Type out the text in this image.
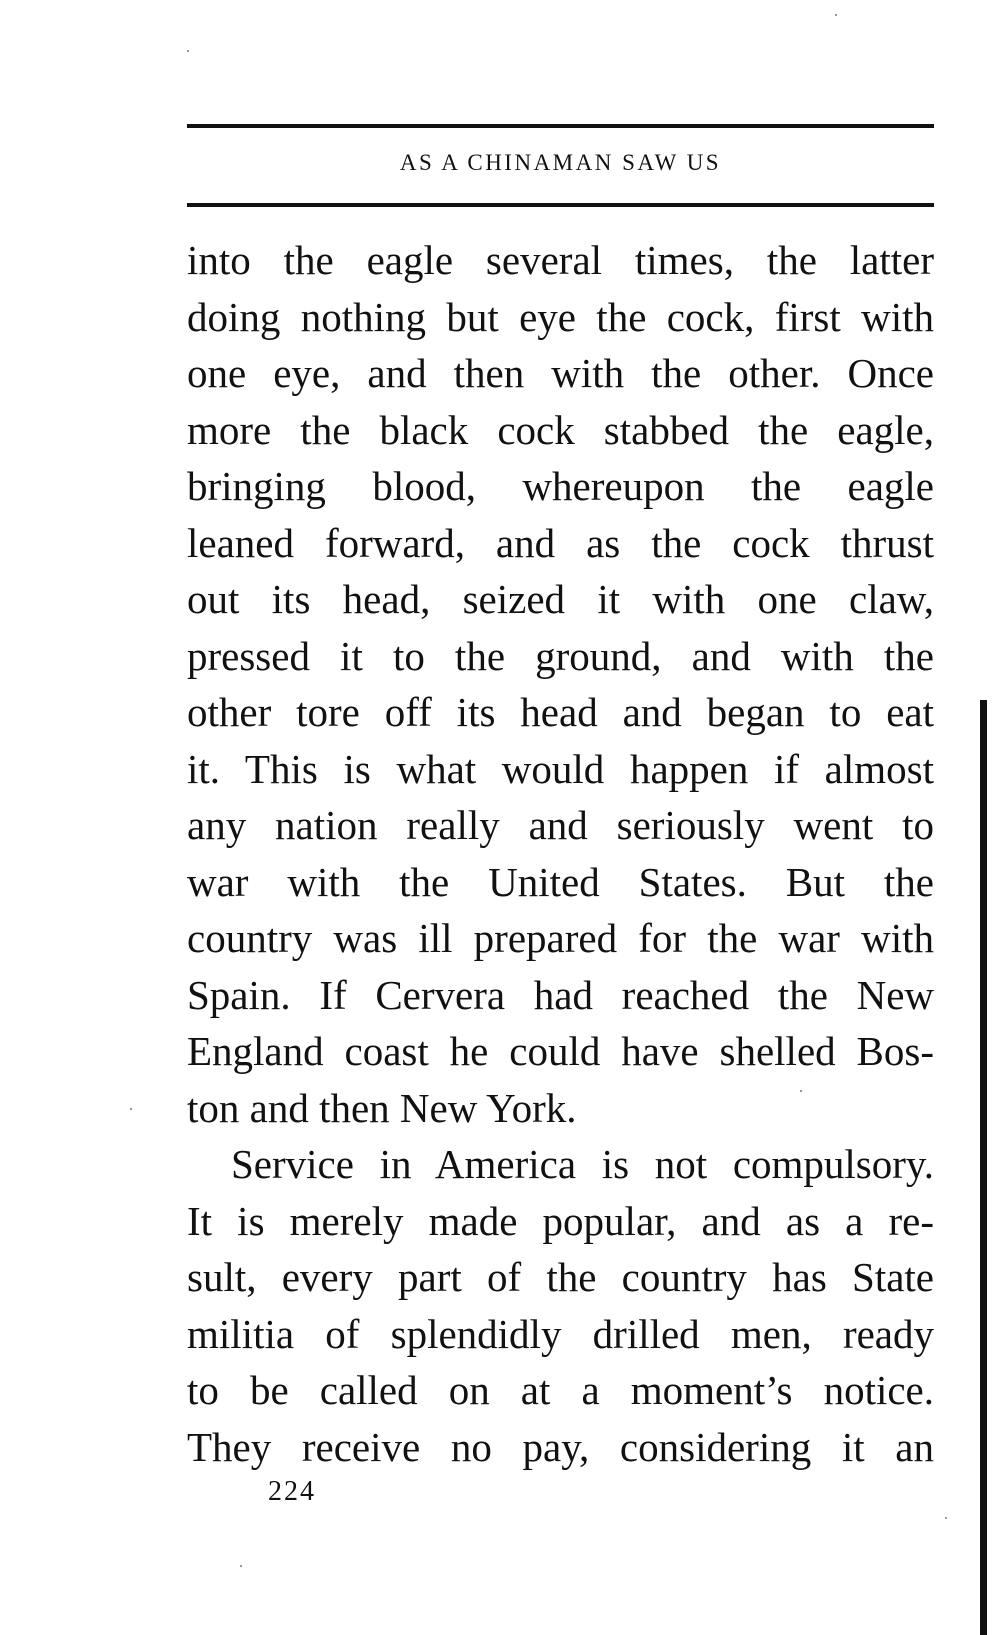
AS A CHINAMAN SAW US
into the eagle several times, the latter
doing nothing but eye the cock, first with
one eye, and then with the other. Once
more the black cock stabbed the eagle,
bringing blood, whereupon the eagle
leaned forward, and as the cock thrust
out its head, seized it with one claw,
pressed it to the ground, and with the
other tore off its head and began to eat
it. This is what would happen if almost
any nation really and seriously went to
war with the United States. But the
country was ill prepared for the war with
Spain. If Cervera had reached the New
England coast he could have shelled Bos-
ton and then New York.
Service in America is not compulsory.
It is merely made popular, and as a re-
sult, every part of the country has State
militia of splendidly drilled men, ready
to be called on at a moment’s notice.
They receive no pay, considering it an
224
